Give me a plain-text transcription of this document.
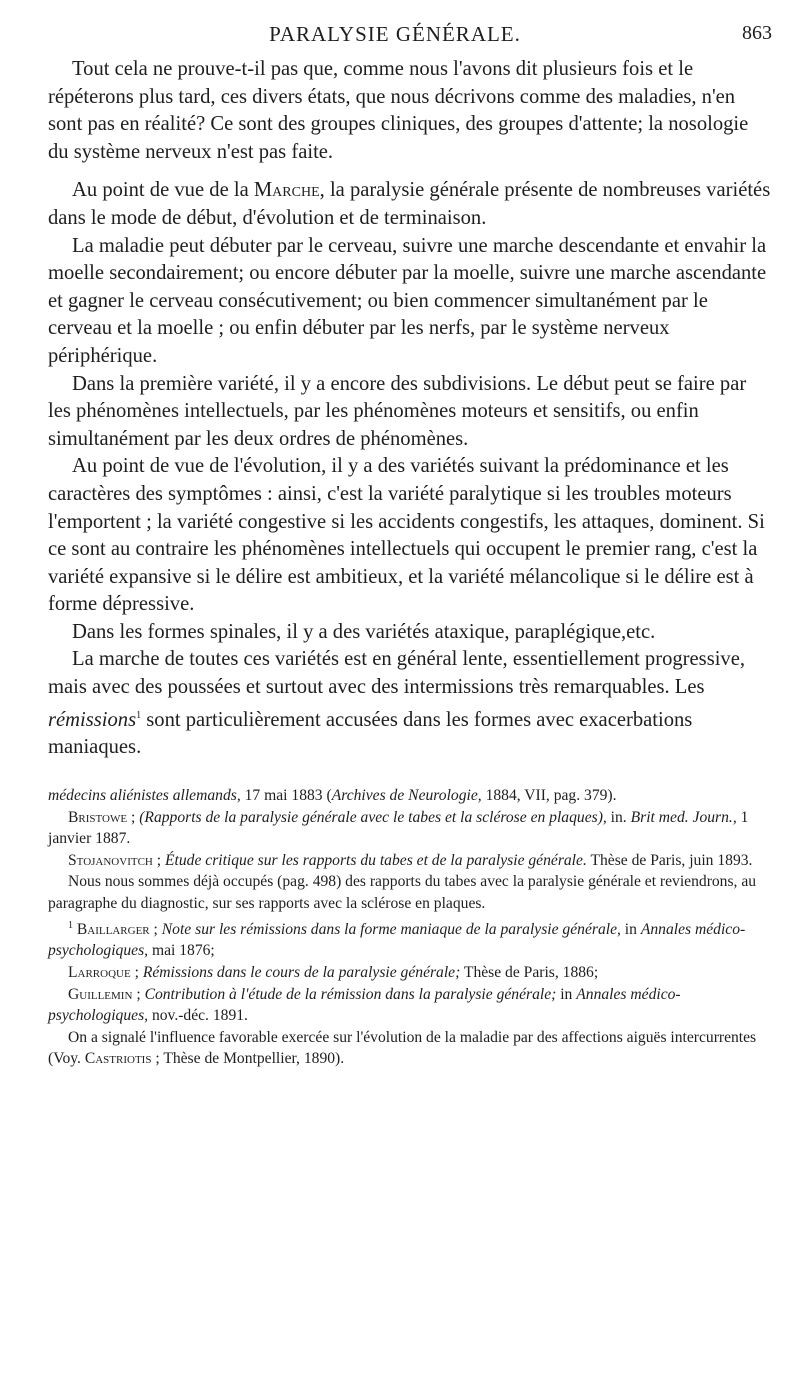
PARALYSIE GÉNÉRALE.	863

Tout cela ne prouve-t-il pas que, comme nous l'avons dit plusieurs fois et le répéterons plus tard, ces divers états, que nous décrivons comme des maladies, n'en sont pas en réalité? Ce sont des groupes cliniques, des groupes d'attente; la nosologie du système nerveux n'est pas faite.

Au point de vue de la Marche, la paralysie générale présente de nombreuses variétés dans le mode de début, d'évolution et de terminaison.

La maladie peut débuter par le cerveau, suivre une marche descendante et envahir la moelle secondairement; ou encore débuter par la moelle, suivre une marche ascendante et gagner le cerveau consécutivement; ou bien commencer simultanément par le cerveau et la moelle ; ou enfin débuter par les nerfs, par le système nerveux périphérique.

Dans la première variété, il y a encore des subdivisions. Le début peut se faire par les phénomènes intellectuels, par les phénomènes moteurs et sensitifs, ou enfin simultanément par les deux ordres de phénomènes.

Au point de vue de l'évolution, il y a des variétés suivant la prédominance et les caractères des symptômes : ainsi, c'est la variété paralytique si les troubles moteurs l'emportent ; la variété congestive si les accidents congestifs, les attaques, dominent. Si ce sont au contraire les phénomènes intellectuels qui occupent le premier rang, c'est la variété expansive si le délire est ambitieux, et la variété mélancolique si le délire est à forme dépressive.

Dans les formes spinales, il y a des variétés ataxique, paraplégique,etc.

La marche de toutes ces variétés est en général lente, essentiellement progressive, mais avec des poussées et surtout avec des intermissions très remarquables. Les rémissions$^1$ sont particulièrement accusées dans les formes avec exacerbations maniaques.

médecins aliénistes allemands, 17 mai 1883 (Archives de Neurologie, 1884, VII, pag. 379).

Bristowe ; (Rapports de la paralysie générale avec le tabes et la sclérose en plaques), in. Brit med. Journ., 1 janvier 1887.

Stojanovitch ; Étude critique sur les rapports du tabes et de la paralysie générale. Thèse de Paris, juin 1893.

Nous nous sommes déjà occupés (pag. 498) des rapports du tabes avec la paralysie générale et reviendrons, au paragraphe du diagnostic, sur ses rapports avec la sclérose en plaques.

$^1$ Baillarger ; Note sur les rémissions dans la forme maniaque de la paralysie générale, in Annales médico-psychologiques, mai 1876;

Larroque ; Rémissions dans le cours de la paralysie générale; Thèse de Paris, 1886;

Guillemin ; Contribution à l'étude de la rémission dans la paralysie générale; in Annales médico-psychologiques, nov.-déc. 1891.

On a signalé l'influence favorable exercée sur l'évolution de la maladie par des affections aiguës intercurrentes (Voy. Castriotis ; Thèse de Montpellier, 1890).
